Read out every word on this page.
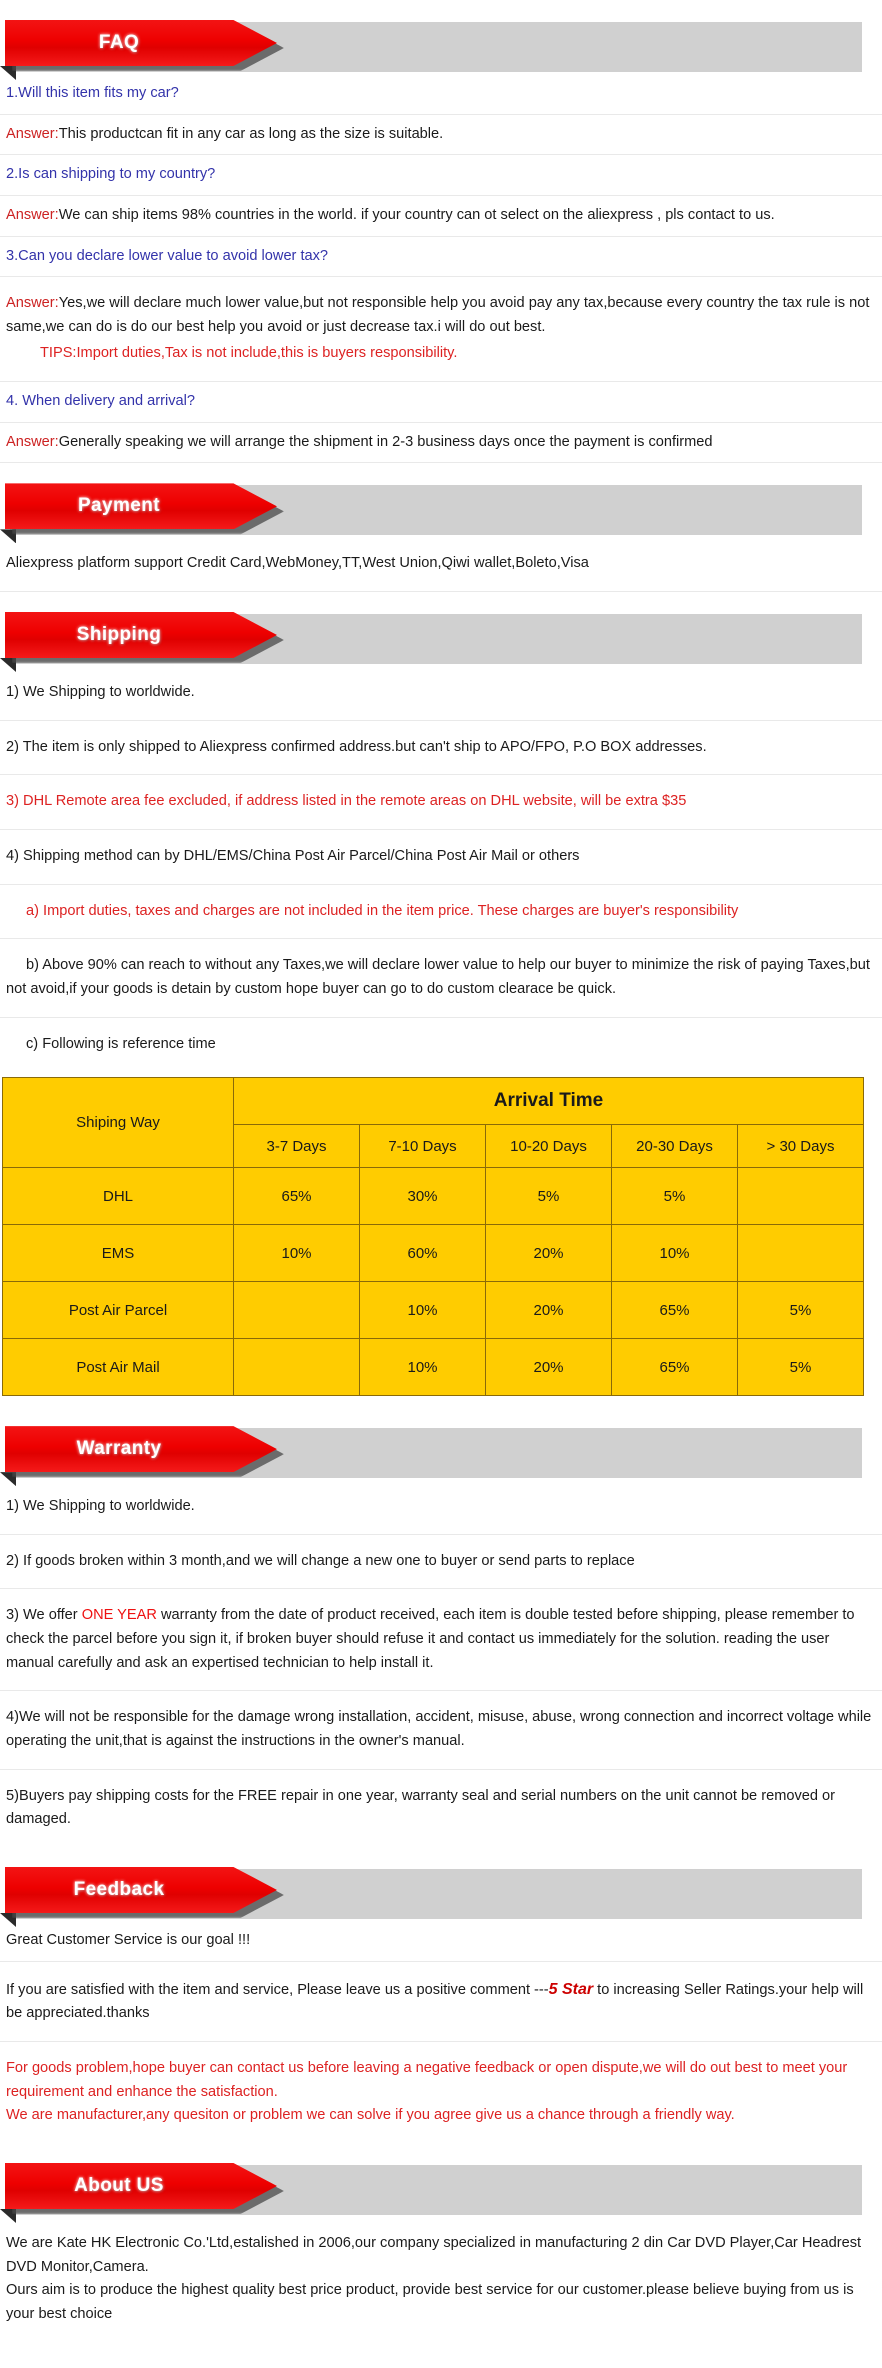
FAQ
1.Will this item fits my car?
Answer:This productcan fit in any car as long as the size is suitable.
2.Is can shipping to my country?
Answer:We can ship items 98% countries in the world. if your country can ot select on the aliexpress , pls contact to us.
3.Can you declare lower value to avoid lower tax?
Answer:Yes,we will declare much lower value,but not responsible help you avoid pay any tax,because every country the tax rule is not same,we can do is do our best help you avoid or just decrease tax.i will do out best.
TIPS:Import duties,Tax is not include,this is buyers responsibility.
4. When delivery and arrival?
Answer:Generally speaking we will arrange the shipment in 2-3 business days once the payment is confirmed
Payment
Aliexpress platform support Credit Card,WebMoney,TT,West Union,Qiwi wallet,Boleto,Visa
Shipping
1) We Shipping to worldwide.
2) The item is only shipped to Aliexpress confirmed address.but can't ship to APO/FPO, P.O BOX addresses.
3) DHL Remote area fee excluded, if address listed in the remote areas on DHL website, will be extra $35
4) Shipping method can by DHL/EMS/China Post Air Parcel/China Post Air Mail or others
a) Import duties, taxes and charges are not included in the item price. These charges are buyer's responsibility
b) Above 90% can reach to without any Taxes,we will declare lower value to help our buyer to minimize the risk of paying Taxes,but not avoid,if your goods is detain by custom hope buyer can go to do custom clearace be quick.
c) Following is reference time
Shiping Way	Arrival Time				
	3-7 Days	7-10 Days	10-20 Days	20-30 Days	> 30 Days
DHL	65%	30%	5%	5%	
EMS	10%	60%	20%	10%	
Post Air Parcel		10%	20%	65%	5%
Post Air Mail		10%	20%	65%	5%
Warranty
1) We Shipping to worldwide.
2) If goods broken within 3 month,and we will change a new one to buyer or send parts to replace
3) We offer ONE YEAR warranty from the date of product received, each item is double tested before shipping, please remember to check the parcel before you sign it, if broken buyer should refuse it and contact us immediately for the solution. reading the user manual carefully and ask an expertised technician to help install it.
4)We will not be responsible for the damage wrong installation, accident, misuse, abuse, wrong connection and incorrect voltage while operating the unit,that is against the instructions in the owner's manual.
5)Buyers pay shipping costs for the FREE repair in one year, warranty seal and serial numbers on the unit cannot be removed or damaged.
Feedback
Great Customer Service is our goal !!!
If you are satisfied with the item and service, Please leave us a positive comment ---5 Star to increasing Seller Ratings.your help will be appreciated.thanks
For goods problem,hope buyer can contact us before leaving a negative feedback or open dispute,we will do out best to meet your requirement and enhance the satisfaction.
We are manufacturer,any quesiton or problem we can solve if you agree give us a chance through a friendly way.
About US
We are Kate HK Electronic Co.'Ltd,estalished in 2006,our company specialized in manufacturing 2 din Car DVD Player,Car Headrest DVD Monitor,Camera.
Ours aim is to produce the highest quality best price product, provide best service for our customer.please believe buying from us is your best choice
